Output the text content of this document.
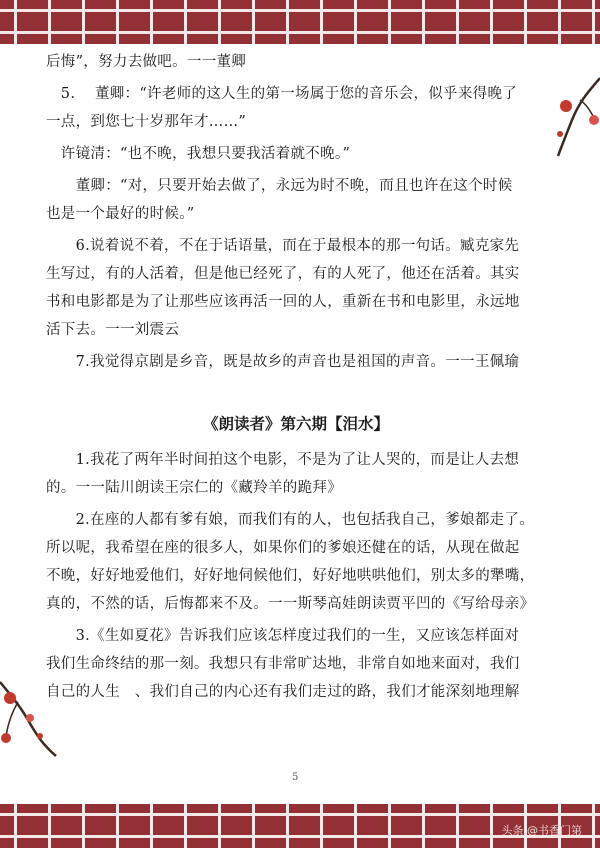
后悔”，努力去做吧。一一董卿

　5.　 董卿：“许老师的这人生的第一场属于您的音乐会，似乎来得晚了
一点，到您七十岁那年才……”

　许镜清：“也不晚，我想只要我活着就不晚。”

　　董卿：“对，只要开始去做了，永远为时不晚，而且也许在这个时候
也是一个最好的时候。”

　　6.说着说不着，不在于话语量，而在于最根本的那一句话。臧克家先
生写过，有的人活着，但是他已经死了，有的人死了，他还在活着。其实
书和电影都是为了让那些应该再活一回的人，重新在书和电影里，永远地
活下去。一一刘震云

　　7.我觉得京剧是乡音，既是故乡的声音也是祖国的声音。一一王佩瑜

《朗读者》第六期【泪水】

　　1.我花了两年半时间拍这个电影，不是为了让人哭的，而是让人去想
的。一一陆川朗读王宗仁的《藏羚羊的跪拜》

　　2.在座的人都有爹有娘，而我们有的人，也包括我自己，爹娘都走了。
所以呢，我希望在座的很多人，如果你们的爹娘还健在的话，从现在做起
不晚，好好地爱他们，好好地伺候他们，好好地哄哄他们，别太多的犟嘴，
真的，不然的话，后悔都来不及。一一斯琴高娃朗读贾平凹的《写给母亲》

　　3.《生如夏花》告诉我们应该怎样度过我们的一生，又应该怎样面对
我们生命终结的那一刻。我想只有非常旷达地，非常自如地来面对，我们
自己的人生　、我们自己的内心还有我们走过的路，我们才能深刻地理解

5
头条 @书香门第
